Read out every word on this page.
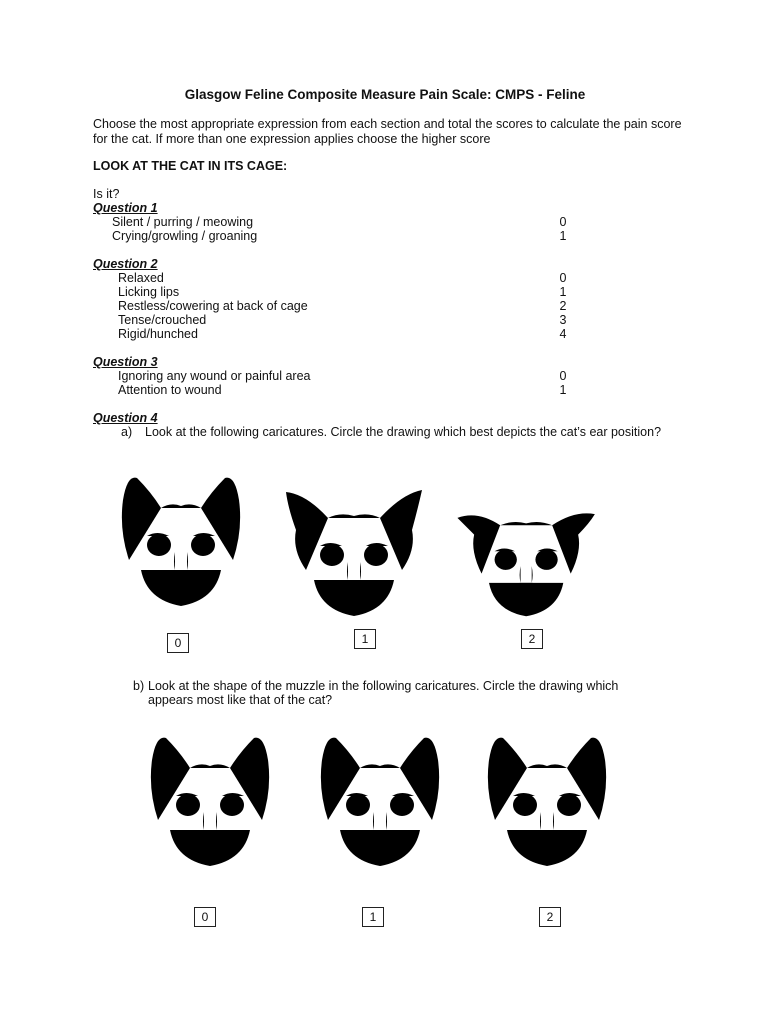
Glasgow Feline Composite Measure Pain Scale: CMPS - Feline
Choose the most appropriate expression from each section and total the scores to calculate the pain score for the cat. If more than one expression applies choose the higher score
LOOK AT THE CAT IN ITS CAGE:
Is it?
Question 1
Silent / purring / meowing	0
Crying/growling / groaning	1
Question 2
Relaxed	0
Licking lips	1
Restless/cowering at back of cage	2
Tense/crouched	3
Rigid/hunched	4
Question 3
Ignoring any wound or painful area	0
Attention to wound	1
Question 4
a) Look at the following caricatures. Circle the drawing which best depicts the cat’s ear position?
0	1	2
b) Look at the shape of the muzzle in the following caricatures. Circle the drawing which appears most like that of the cat?
0	1	2
